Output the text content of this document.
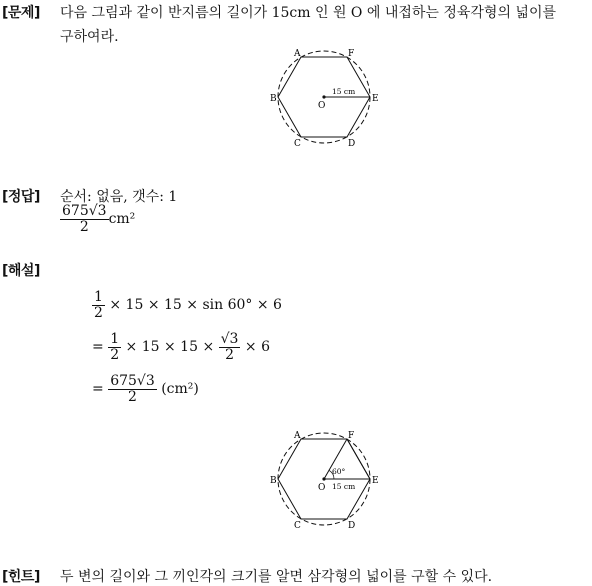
[문제] 다음 그림과 같이 반지름의 길이가 15cm 인 원 O 에 내접하는 정육각형의 넓이를
구하여라.
A	F
B	E
C	D
O
15 cm
[정답] 순서: 없음, 갯수: 1
$\frac{675√3}{2} cm^2$
[해설]
$\frac{1}{2} \times 15 \times 15 \times \sin 60^\circ \times 6$
= $\frac{1}{2} \times 15 \times 15 \times \frac{√3}{2} \times 6$
= $\frac{675√3}{2} (cm^2)$
A	F
B	E
C	D
O 15 cm
60°
[힌트] 두 변의 길이와 그 끼인각의 크기를 알면 삼각형의 넓이를 구할 수 있다.
